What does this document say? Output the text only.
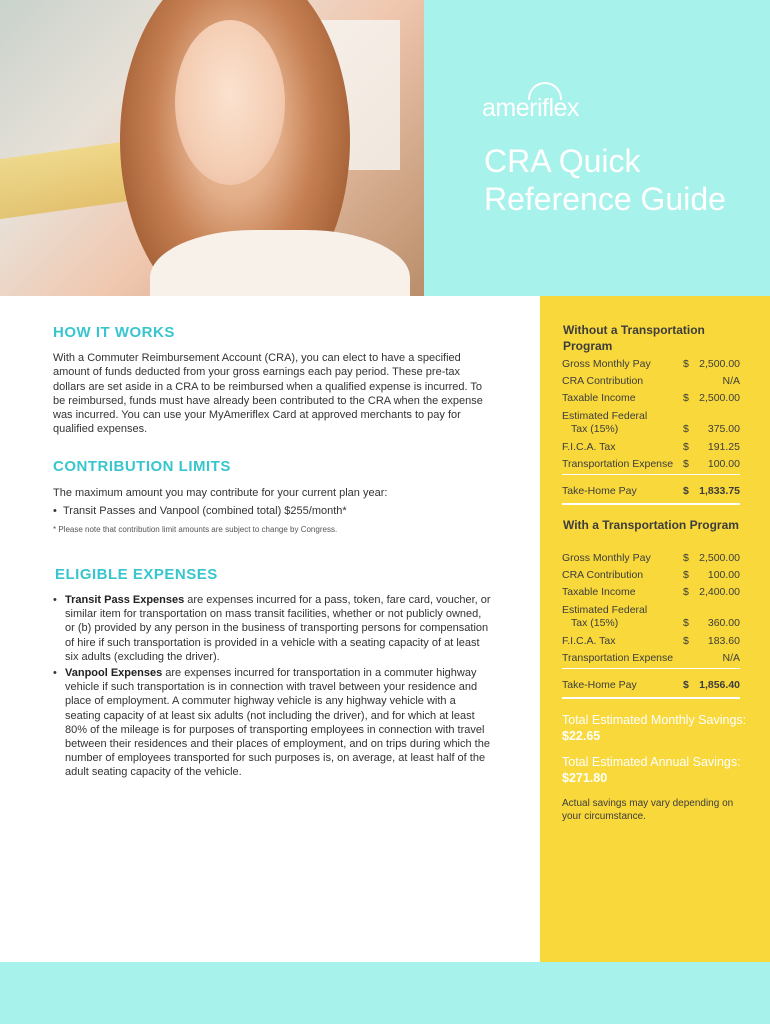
ameriflex
CRA Quick Reference Guide
HOW IT WORKS

With a Commuter Reimbursement Account (CRA), you can elect to have a specified amount of funds deducted from your gross earnings each pay period. These pre-tax dollars are set aside in a CRA to be reimbursed when a qualified expense is incurred. To be reimbursed, funds must have already been contributed to the CRA when the expense was incurred. You can use your MyAmeriflex Card at approved merchants to pay for qualified expenses.

CONTRIBUTION LIMITS

The maximum amount you may contribute for your current plan year:

•  Transit Passes and Vanpool (combined total) $255/month*

* Please note that contribution limit amounts are subject to change by Congress.

ELIGIBLE EXPENSES
• Transit Pass Expenses are expenses incurred for a pass, token, fare card, voucher, or similar item for transportation on mass transit facilities, whether or not publicly owned, or (b) provided by any person in the business of transporting persons for compensation of hire if such transportation is provided in a vehicle with a seating capacity of at least six adults (excluding the driver).
• Vanpool Expenses are expenses incurred for transportation in a commuter highway vehicle if such transportation is in connection with travel between your residence and place of employment. A commuter highway vehicle is any highway vehicle with a seating capacity of at least six adults (not including the driver), and for which at least 80% of the mileage is for purposes of transporting employees in connection with travel between their residences and their places of employment, and on trips during which the number of employees transported for such purposes is, on average, at least half of the adult seating capacity of the vehicle.
Without a Transportation Program
Gross Monthly Pay	$ 2,500.00
CRA Contribution	N/A
Taxable Income	$ 2,500.00
Estimated Federal
Tax (15%)	$ 375.00
F.I.C.A. Tax	$ 191.25
Transportation Expense $ 100.00
Take-Home Pay	$ 1,833.75
With a Transportation Program
Gross Monthly Pay	$ 2,500.00
CRA Contribution	$ 100.00
Taxable Income	$ 2,400.00
Estimated Federal
Tax (15%)	$ 360.00
F.I.C.A. Tax	$ 183.60
Transportation Expense	N/A
Take-Home Pay	$ 1,856.40
Total Estimated Monthly Savings: $22.65
Total Estimated Annual Savings: $271.80

Actual savings may vary depending on your circumstance.
